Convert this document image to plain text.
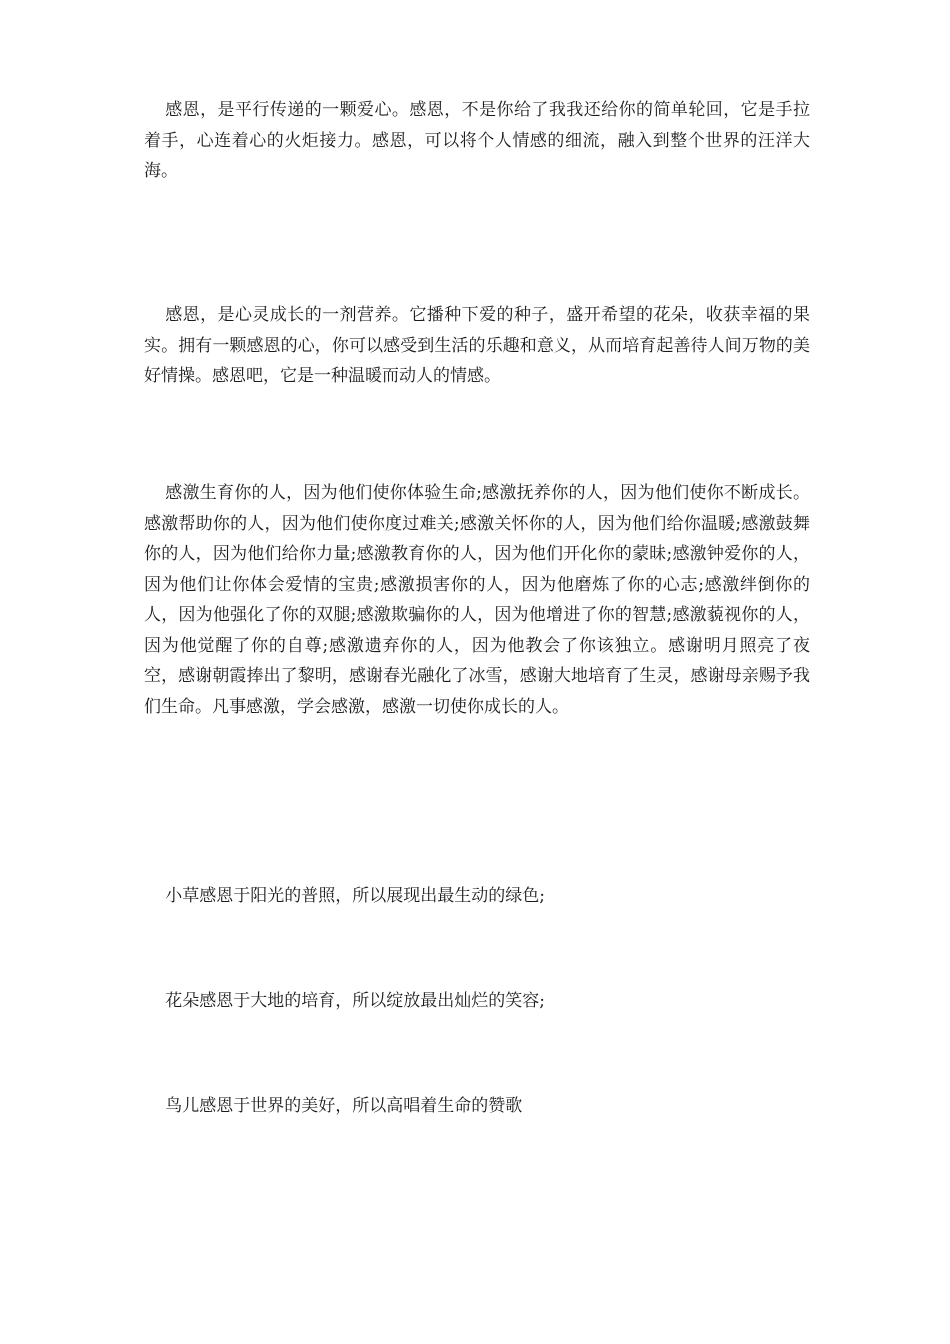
感恩，是平行传递的一颗爱心。感恩，不是你给了我我还给你的简单轮回，它是手拉着手，心连着心的火炬接力。感恩，可以将个人情感的细流，融入到整个世界的汪洋大海。

感恩，是心灵成长的一剂营养。它播种下爱的种子，盛开希望的花朵，收获幸福的果实。拥有一颗感恩的心，你可以感受到生活的乐趣和意义，从而培育起善待人间万物的美好情操。感恩吧，它是一种温暖而动人的情感。

感激生育你的人，因为他们使你体验生命;感激抚养你的人，因为他们使你不断成长。感激帮助你的人，因为他们使你度过难关;感激关怀你的人，因为他们给你温暖;感激鼓舞你的人，因为他们给你力量;感激教育你的人，因为他们开化你的蒙昧;感激钟爱你的人，因为他们让你体会爱情的宝贵;感激损害你的人，因为他磨炼了你的心志;感激绊倒你的人，因为他强化了你的双腿;感激欺骗你的人，因为他增进了你的智慧;感激藐视你的人，因为他觉醒了你的自尊;感激遗弃你的人，因为他教会了你该独立。感谢明月照亮了夜空，感谢朝霞捧出了黎明，感谢春光融化了冰雪，感谢大地培育了生灵，感谢母亲赐予我们生命。凡事感激，学会感激，感激一切使你成长的人。

小草感恩于阳光的普照，所以展现出最生动的绿色;

花朵感恩于大地的培育，所以绽放最出灿烂的笑容;

鸟儿感恩于世界的美好，所以高唱着生命的赞歌
